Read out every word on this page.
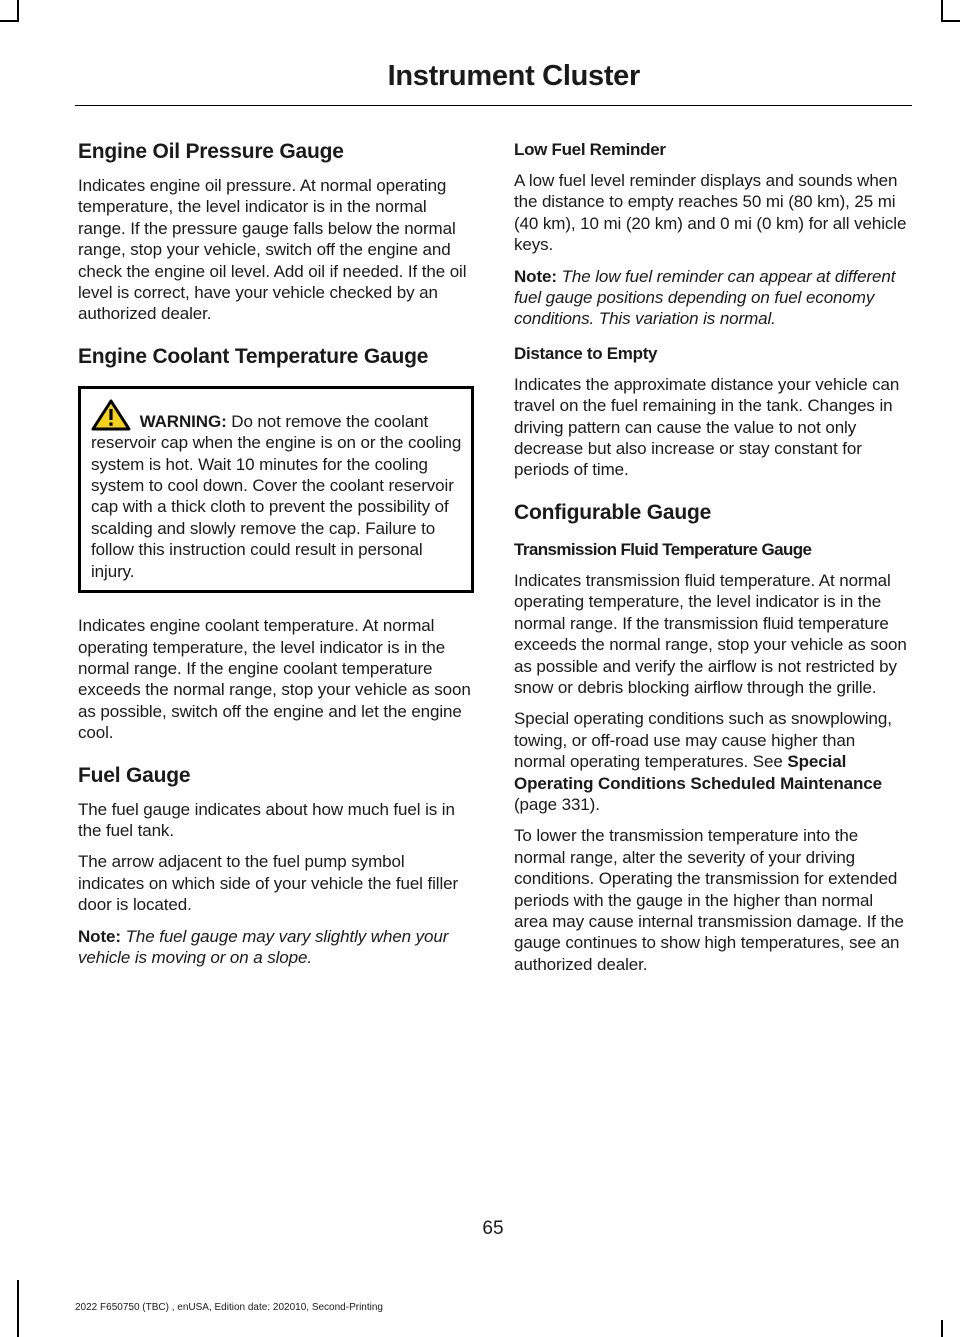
Instrument Cluster
Engine Oil Pressure Gauge

Indicates engine oil pressure. At normal operating temperature, the level indicator is in the normal range. If the pressure gauge falls below the normal range, stop your vehicle, switch off the engine and check the engine oil level. Add oil if needed. If the oil level is correct, have your vehicle checked by an authorized dealer.

Engine Coolant Temperature Gauge

WARNING: Do not remove the coolant reservoir cap when the engine is on or the cooling system is hot. Wait 10 minutes for the cooling system to cool down. Cover the coolant reservoir cap with a thick cloth to prevent the possibility of scalding and slowly remove the cap. Failure to follow this instruction could result in personal injury.

Indicates engine coolant temperature. At normal operating temperature, the level indicator is in the normal range. If the engine coolant temperature exceeds the normal range, stop your vehicle as soon as possible, switch off the engine and let the engine cool.

Fuel Gauge

The fuel gauge indicates about how much fuel is in the fuel tank.

The arrow adjacent to the fuel pump symbol indicates on which side of your vehicle the fuel filler door is located.

Note: The fuel gauge may vary slightly when your vehicle is moving or on a slope.

Low Fuel Reminder

A low fuel level reminder displays and sounds when the distance to empty reaches 50 mi (80 km), 25 mi (40 km), 10 mi (20 km) and 0 mi (0 km) for all vehicle keys.

Note: The low fuel reminder can appear at different fuel gauge positions depending on fuel economy conditions. This variation is normal.

Distance to Empty

Indicates the approximate distance your vehicle can travel on the fuel remaining in the tank. Changes in driving pattern can cause the value to not only decrease but also increase or stay constant for periods of time.

Configurable Gauge
Transmission Fluid Temperature Gauge

Indicates transmission fluid temperature. At normal operating temperature, the level indicator is in the normal range. If the transmission fluid temperature exceeds the normal range, stop your vehicle as soon as possible and verify the airflow is not restricted by snow or debris blocking airflow through the grille.

Special operating conditions such as snowplowing, towing, or off-road use may cause higher than normal operating temperatures. See Special Operating Conditions Scheduled Maintenance (page 331).

To lower the transmission temperature into the normal range, alter the severity of your driving conditions. Operating the transmission for extended periods with the gauge in the higher than normal area may cause internal transmission damage. If the gauge continues to show high temperatures, see an authorized dealer.

65
2022 F650750 (TBC) , enUSA, Edition date: 202010, Second-Printing
